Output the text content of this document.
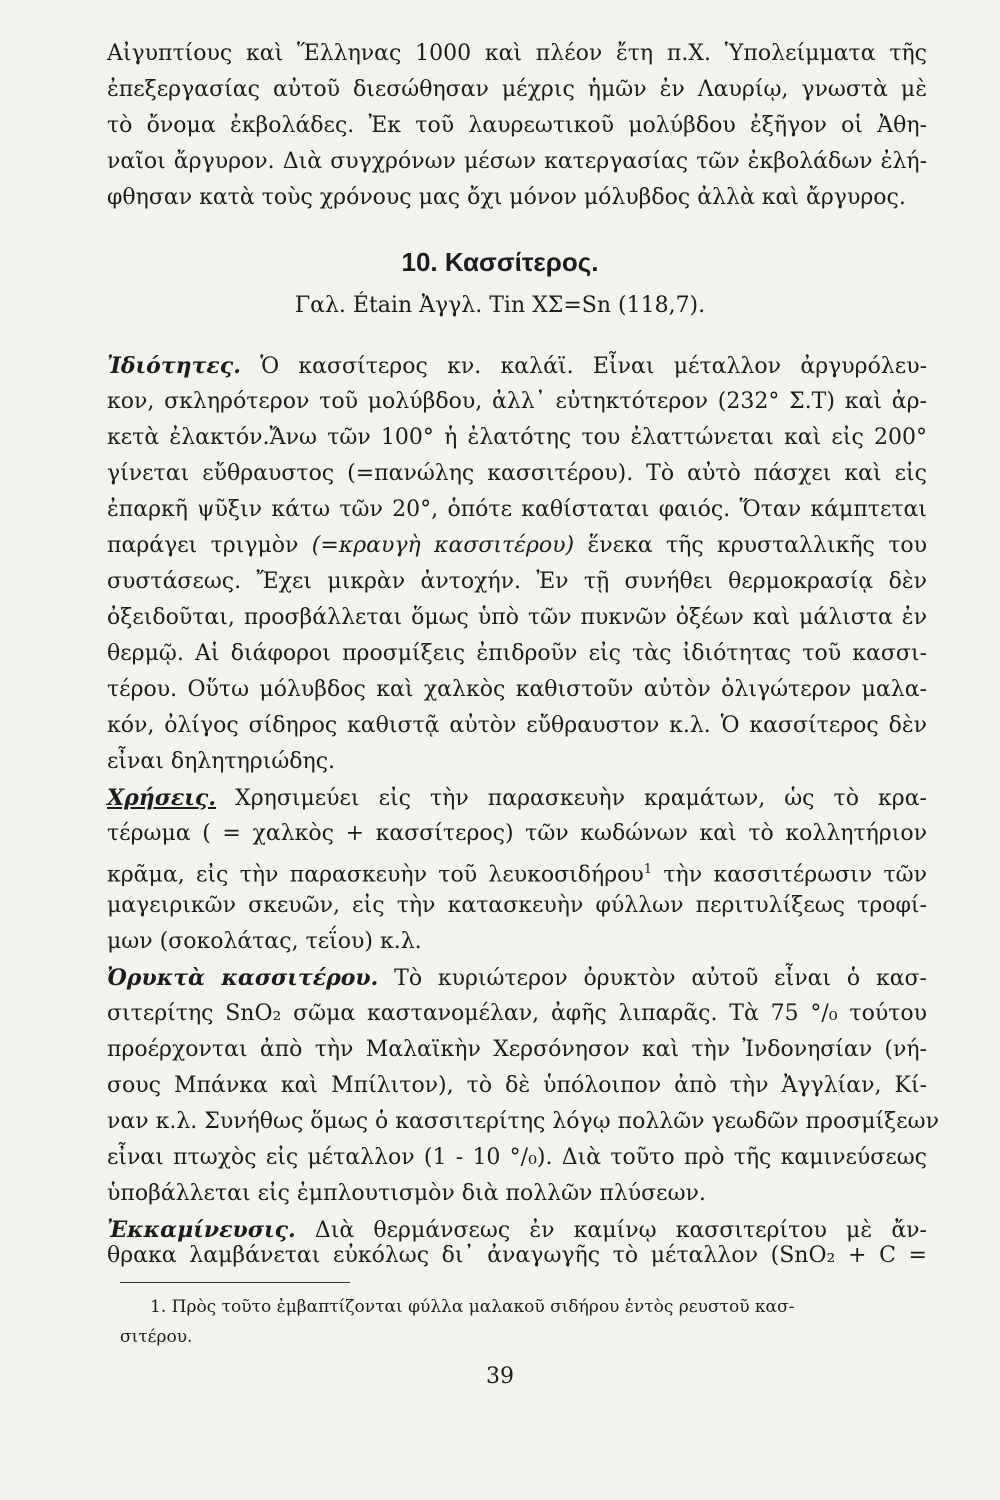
Αἰγυπτίους καὶ Ἕλληνας 1000 καὶ πλέον ἔτη π.Χ. Ὑπολείμματα τῆς
ἐπεξεργασίας αὐτοῦ διεσώθησαν μέχρις ἡμῶν ἐν Λαυρίῳ, γνωστὰ μὲ
τὸ ὄνομα ἐκβολάδες. Ἐκ τοῦ λαυρεωτικοῦ μολύβδου ἐξῆγον οἱ Ἀθη-
ναῖοι ἄργυρον. Διὰ συγχρόνων μέσων κατεργασίας τῶν ἐκβολάδων ἐλή-
φθησαν κατὰ τοὺς χρόνους μας ὄχι μόνον μόλυβδος ἀλλὰ καὶ ἄργυρος.
10. Κασσίτερος.
Γαλ. Étain Ἀγγλ. Tin ΧΣ=Sn (118,7).
Ἰδιότητες. Ὁ κασσίτερος κν. καλάϊ. Εἶναι μέταλλον ἀργυρόλευ-
κον, σκληρότερον τοῦ μολύβδου, ἀλλ᾽ εὐτηκτότερον (232° Σ.Τ) καὶ ἀρ-
κετὰ ἐλακτόν.Ἄνω τῶν 100° ἡ ἐλατότης του ἐλαττώνεται καὶ εἰς 200°
γίνεται εὔθραυστος (=πανώλης κασσιτέρου). Τὸ αὐτὸ πάσχει καὶ εἰς
ἐπαρκῆ ψῦξιν κάτω τῶν 20°, ὁπότε καθίσταται φαιός. Ὅταν κάμπτεται
παράγει τριγμὸν (=κραυγὴ κασσιτέρου) ἕνεκα τῆς κρυσταλλικῆς του
συστάσεως. Ἔχει μικρὰν ἀντοχήν. Ἐν τῇ συνήθει θερμοκρασίᾳ δὲν
ὀξειδοῦται, προσβάλλεται ὅμως ὑπὸ τῶν πυκνῶν ὀξέων καὶ μάλιστα ἐν
θερμῷ. Αἱ διάφοροι προσμίξεις ἐπιδροῦν εἰς τὰς ἰδιότητας τοῦ κασσι-
τέρου. Οὕτω μόλυβδος καὶ χαλκὸς καθιστοῦν αὐτὸν ὀλιγώτερον μαλα-
κόν, ὀλίγος σίδηρος καθιστᾷ αὐτὸν εὔθραυστον κ.λ. Ὁ κασσίτερος δὲν
εἶναι δηλητηριώδης.
Χρήσεις. Χρησιμεύει εἰς τὴν παρασκευὴν κραμάτων, ὡς τὸ κρα-
τέρωμα ( = χαλκὸς + κασσίτερος) τῶν κωδώνων καὶ τὸ κολλητήριον
κρᾶμα, εἰς τὴν παρασκευὴν τοῦ λευκοσιδήρου$^1$ τὴν κασσιτέρωσιν τῶν
μαγειρικῶν σκευῶν, εἰς τὴν κατασκευὴν φύλλων περιτυλίξεως τροφί-
μων (σοκολάτας, τεΐου) κ.λ.
Ὀρυκτὰ κασσιτέρου. Τὸ κυριώτερον ὀρυκτὸν αὐτοῦ εἶναι ὁ κασ-
σιτερίτης SnO₂ σῶμα καστανομέλαν, ἀφῆς λιπαρᾶς. Τὰ 75 °/₀ τούτου
προέρχονται ἀπὸ τὴν Μαλαϊκὴν Χερσόνησον καὶ τὴν Ἰνδονησίαν (νή-
σους Μπάνκα καὶ Μπίλιτον), τὸ δὲ ὑπόλοιπον ἀπὸ τὴν Ἀγγλίαν, Κί-
ναν κ.λ. Συνήθως ὅμως ὁ κασσιτερίτης λόγῳ πολλῶν γεωδῶν προσμίξεων
εἶναι πτωχὸς εἰς μέταλλον (1 - 10 °/₀). Διὰ τοῦτο πρὸ τῆς καμινεύσεως
ὑποβάλλεται εἰς ἐμπλουτισμὸν διὰ πολλῶν πλύσεων.
Ἐκκαμίνευσις. Διὰ θερμάνσεως ἐν καμίνῳ κασσιτερίτου μὲ ἄν-
θρακα λαμβάνεται εὐκόλως δι᾽ ἀναγωγῆς τὸ μέταλλον (SnO₂ + C =
1. Πρὸς τοῦτο ἐμβαπτίζονται φύλλα μαλακοῦ σιδήρου ἐντὸς ρευστοῦ κασ-
σιτέρου.
39
